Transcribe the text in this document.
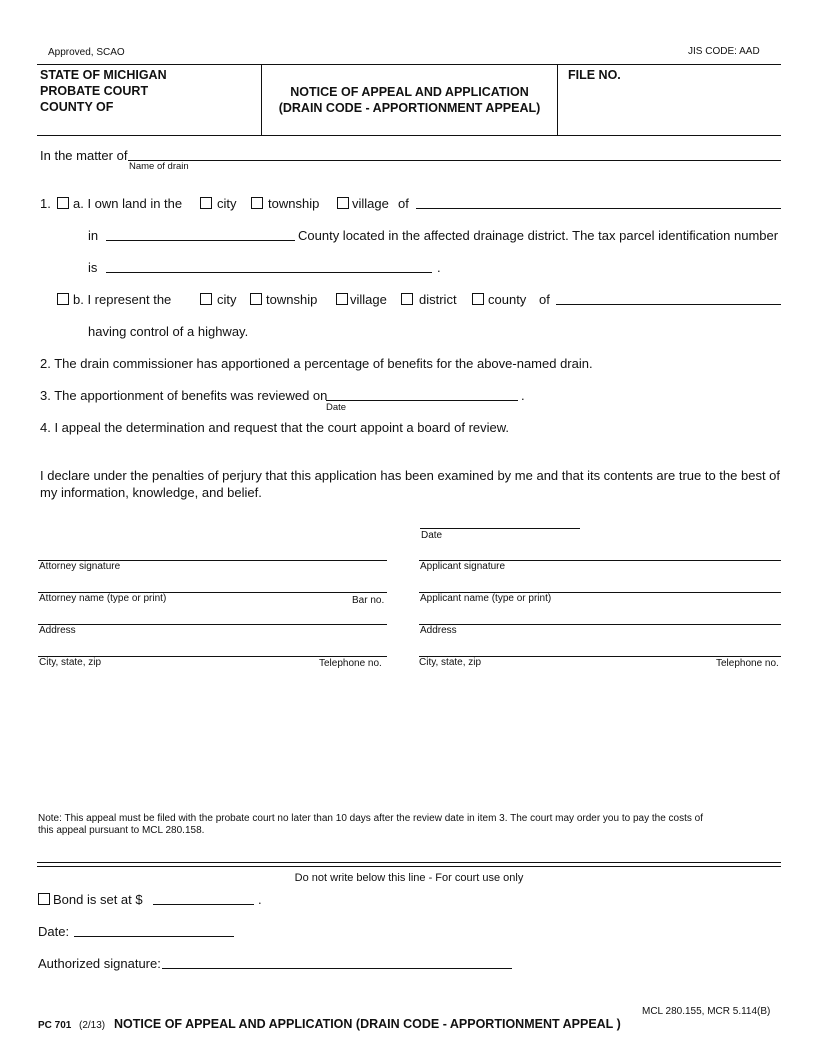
Approved, SCAO	JIS CODE: AAD
STATE OF MICHIGAN
PROBATE COURT
COUNTY OF
NOTICE OF APPEAL AND APPLICATION
(DRAIN CODE - APPORTIONMENT APPEAL)
FILE NO.
In the matter of
Name of drain
1. a. I own land in the	city township	village of
in	County located in the affected drainage district. The tax parcel identification number
is	.
b. I represent the	city township	village district county of
having control of a highway.
2. The drain commissioner has apportioned a percentage of benefits for the above-named drain.
3. The apportionment of benefits was reviewed on	.
Date
4. I appeal the determination and request that the court appoint a board of review.
I declare under the penalties of perjury that this application has been examined by me and that its contents are true to the best of
my information, knowledge, and belief.
Date
Attorney signature	Applicant signature
Attorney name (type or print)	Bar no.	Applicant name (type or print)
Address	Address
City, state, zip	Telephone no.	City, state, zip	Telephone no.
Note: This appeal must be filed with the probate court no later than 10 days after the review date in item 3. The court may order you to pay the costs of
this appeal pursuant to MCL 280.158.
Do not write below this line - For court use only
Bond is set at $	.
Date:
Authorized signature:
MCL 280.155, MCR 5.114(B)
PC 701 (2/13) NOTICE OF APPEAL AND APPLICATION (DRAIN CODE - APPORTIONMENT APPEAL )
